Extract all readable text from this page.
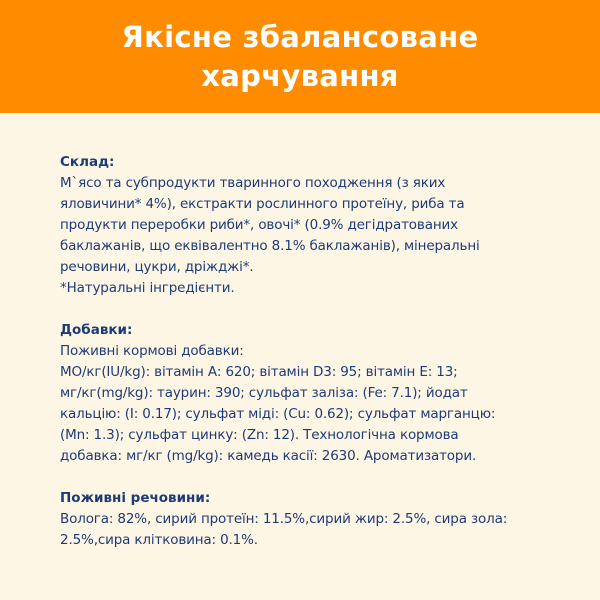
Якісне збалансоване
харчування
Склад:
М`ясо та субпродукти тваринного походження (з яких
яловичини* 4%), екстракти рослинного протеїну, риба та
продукти переробки риби*, овочі* (0.9% дегідратованих
баклажанів, що еквівалентно 8.1% баклажанів), мінеральні
речовини, цукри, дріжджі*.
*Натуральні інгредієнти.
Добавки:
Поживні кормові добавки:
МО/кг(IU/kg): вітамін А: 620; вітамін D3: 95; вітамін Е: 13;
мг/кг(mg/kg): таурин: 390; сульфат заліза: (Fe: 7.1); йодат
кальцію: (I: 0.17); сульфат міді: (Cu: 0.62); сульфат марганцю:
(Mn: 1.3); сульфат цинку: (Zn: 12). Технологічна кормова
добавка: мг/кг (mg/kg): камедь касії: 2630. Ароматизатори.
Поживні речовини:
Вологa: 82%, сирий протеїн: 11.5%,сирий жир: 2.5%, сира зола:
2.5%,сира клітковина: 0.1%.
